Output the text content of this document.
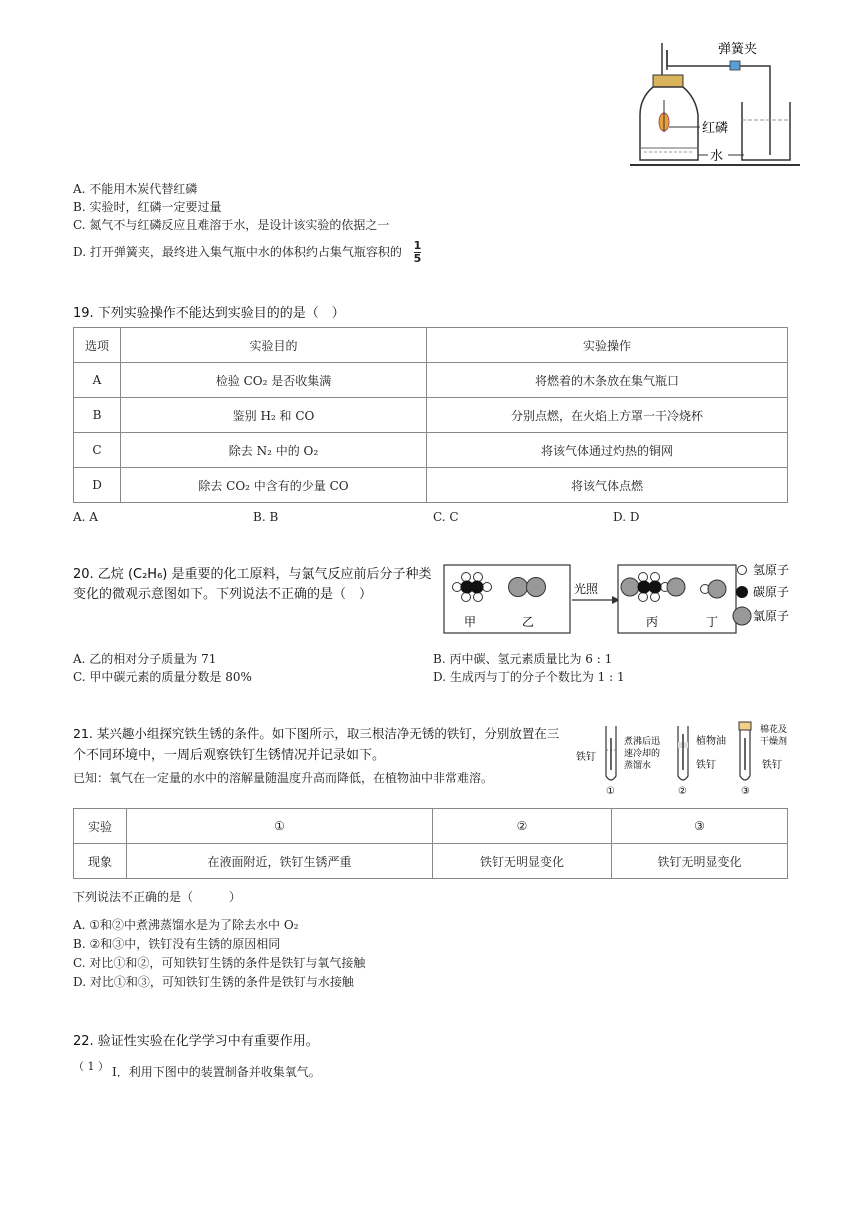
红磷
水
弹簧夹
A. 不能用木炭代替红磷
B. 实验时，红磷一定要过量
C. 氮气不与红磷反应且难溶于水，是设计该实验的依据之一
D. 打开弹簧夹，最终进入集气瓶中水的体积约占集气瓶容积的 $\frac{1}{5}$
19. 下列实验操作不能达到实验目的的是（　）
选项	实验目的	实验操作
A	检验 CO₂ 是否收集满	将燃着的木条放在集气瓶口
B	鉴别 H₂ 和 CO	分别点燃，在火焰上方罩一干冷烧杯
C	除去 N₂ 中的 O₂	将该气体通过灼热的铜网
D	除去 CO₂ 中含有的少量 CO	将该气体点燃
A. A	B. B	C. C	D. D
20. 乙烷 (C₂H₆) 是重要的化工原料，与氯气反应前后分子种类
变化的微观示意图如下。下列说法不正确的是（　）
甲	乙
光照
丙	丁
氢原子
碳原子
氯原子
A. 乙的相对分子质量为 71	B. 丙中碳、氢元素质量比为 6 : 1
C. 甲中碳元素的质量分数是 80%	D. 生成丙与丁的分子个数比为 1 : 1
21. 某兴趣小组探究铁生锈的条件。如下图所示，取三根洁净无锈的铁钉，分别放置在三
个不同环境中，一周后观察铁钉生锈情况并记录如下。
已知：氧气在一定量的水中的溶解量随温度升高而降低，在植物油中非常难溶。
铁钉
煮沸后迅
速冷却的
蒸馏水
①
植物油
铁钉
②
棉花及
干燥剂
铁钉
③
实验	①	②	③
现象	在液面附近，铁钉生锈严重	铁钉无明显变化	铁钉无明显变化
下列说法不正确的是（　　　）
A. ①和②中煮沸蒸馏水是为了除去水中 O₂
B. ②和③中，铁钉没有生锈的原因相同
C. 对比①和②，可知铁钉生锈的条件是铁钉与氧气接触
D. 对比①和③，可知铁钉生锈的条件是铁钉与水接触
22. 验证性实验在化学学习中有重要作用。
（ 1 ） Ⅰ．利用下图中的装置制备并收集氧气。
